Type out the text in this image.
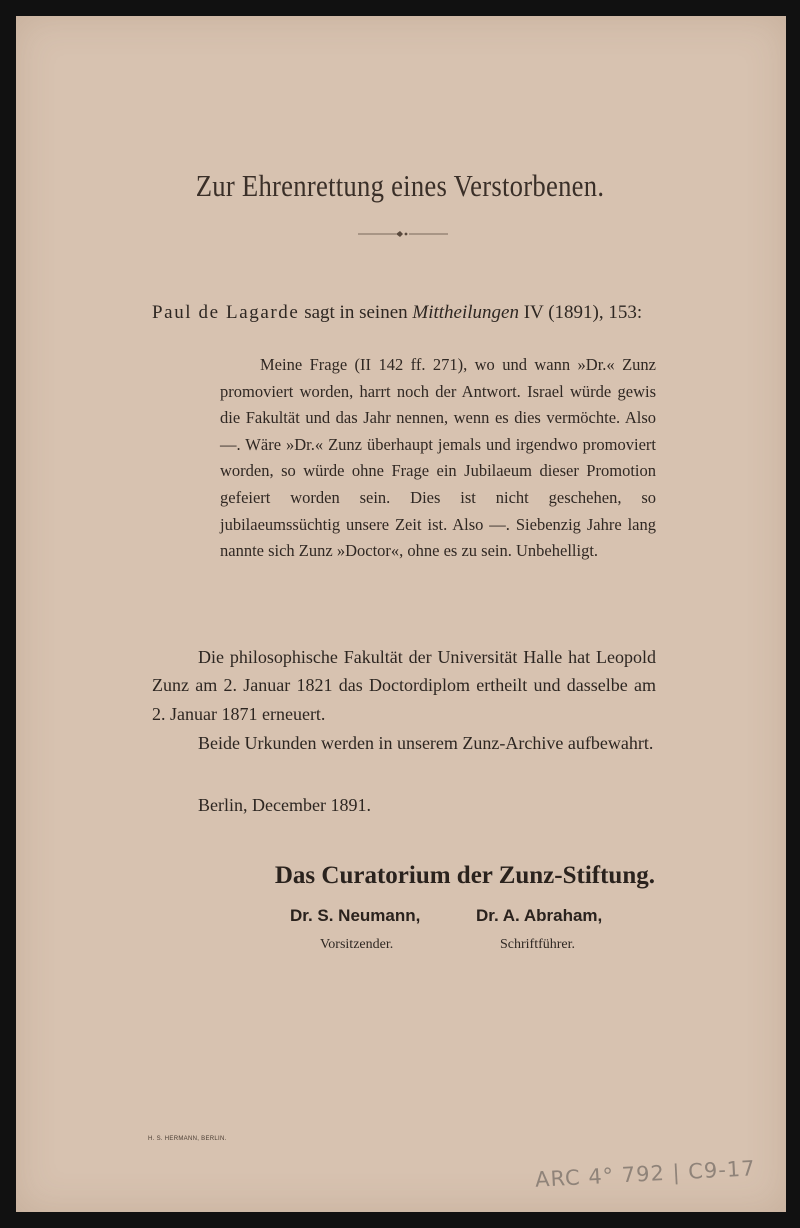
Zur Ehrenrettung eines Verstorbenen.
Paul de Lagarde sagt in seinen Mittheilungen IV (1891), 153:
Meine Frage (II 142 ff. 271), wo und wann »Dr.« Zunz promoviert worden, harrt noch der Antwort. Israel würde gewis die Fakultät und das Jahr nennen, wenn es dies vermöchte. Also —. Wäre »Dr.« Zunz überhaupt jemals und irgendwo promoviert worden, so würde ohne Frage ein Jubilaeum dieser Promotion gefeiert worden sein. Dies ist nicht geschehen, so jubilaeumssüchtig unsere Zeit ist. Also —. Siebenzig Jahre lang nannte sich Zunz »Doctor«, ohne es zu sein. Unbehelligt.
Die philosophische Fakultät der Universität Halle hat Leopold Zunz am 2. Januar 1821 das Doctordiplom ertheilt und dasselbe am 2. Januar 1871 erneuert.
Beide Urkunden werden in unserem Zunz-Archive aufbewahrt.
Berlin, December 1891.
Das Curatorium der Zunz-Stiftung.
Dr. S. Neumann,	Dr. A. Abraham,
Vorsitzender.	Schriftführer.
H. S. HERMANN, BERLIN.
ARC 4° 792 | C9-17
